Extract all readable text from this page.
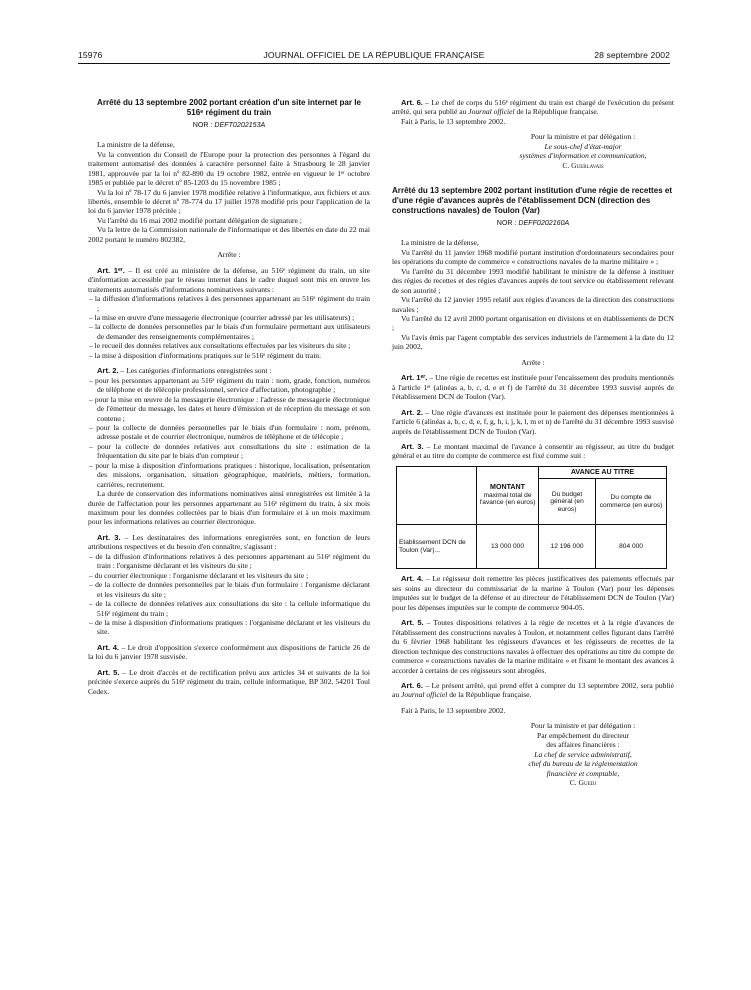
15976	JOURNAL OFFICIEL DE LA RÉPUBLIQUE FRANÇAISE	28 septembre 2002
Arrêté du 13 septembre 2002 portant création d'un site internet par le 516ᵉ régiment du train
NOR : DEFT0202153A
La ministre de la défense,
Vu la convention du Conseil de l'Europe pour la protection des personnes à l'égard du traitement automatisé des données à caractère personnel faite à Strasbourg le 28 janvier 1981, approuvée par la loi nº 82-890 du 19 octobre 1982, entrée en vigueur le 1ᵉʳ octobre 1985 et publiée par le décret nº 85-1203 du 15 novembre 1985 ;
Vu la loi nº 78-17 du 6 janvier 1978 modifiée relative à l'informatique, aux fichiers et aux libertés, ensemble le décret nº 78-774 du 17 juillet 1978 modifié pris pour l'application de la loi du 6 janvier 1978 précitée ;
Vu l'arrêté du 16 mai 2002 modifié portant délégation de signature ;
Vu la lettre de la Commission nationale de l'informatique et des libertés en date du 22 mai 2002 portant le numéro 802382,
Arrête :
Art. 1ᵉʳ. – Il est créé au ministère de la défense, au 516ᵉ régiment du train, un site d'information accessible par le réseau internet dans le cadre duquel sont mis en œuvre les traitements automatisés d'informations nominatives suivants :
– la diffusion d'informations relatives à des personnes appartenant au 516ᵉ régiment du train ;
– la mise en œuvre d'une messagerie électronique (courrier adressé par les utilisateurs) ;
– la collecte de données personnelles par le biais d'un formulaire permettant aux utilisateurs de demander des renseignements complémentaires ;
– le recueil des données relatives aux consultations effectuées par les visiteurs du site ;
– la mise à disposition d'informations pratiques sur le 516ᵉ régiment du train.
Art. 2. – Les catégories d'informations enregistrées sont :
– pour les personnes appartenant au 516ᵉ régiment du train : nom, grade, fonction, numéros de téléphone et de télécopie professionnel, service d'affectation, photographie ;
– pour la mise en œuvre de la messagerie électronique : l'adresse de messagerie électronique de l'émetteur du message, les dates et heure d'émission et de réception du message et son contenu ;
– pour la collecte de données personnelles par le biais d'un formulaire : nom, prénom, adresse postale et de courrier électronique, numéros de téléphone et de télécopie ;
– pour la collecte de données relatives aux consultations du site : estimation de la fréquentation du site par le biais d'un compteur ;
– pour la mise à disposition d'informations pratiques : historique, localisation, présentation des missions, organisation, situation géographique, matériels, métiers, formation, carrières, recrutement.
La durée de conservation des informations nominatives ainsi enregistrées est limitée à la durée de l'affectation pour les personnes appartenant au 516ᵉ régiment du train, à six mois maximum pour les données collectées par le biais d'un formulaire et à un mois maximum pour les informations relatives au courrier électronique.
Art. 3. – Les destinataires des informations enregistrées sont, en fonction de leurs attributions respectives et du besoin d'en connaître, s'agissant :
– de la diffusion d'informations relatives à des personnes appartenant au 516ᵉ régiment du train : l'organisme déclarant et les visiteurs du site ;
– du courrier électronique : l'organisme déclarant et les visiteurs du site ;
– de la collecte de données personnelles par le biais d'un formulaire : l'organisme déclarant et les visiteurs du site ;
– de la collecte de données relatives aux consultations du site : la cellule informatique du 516ᵉ régiment du train ;
– de la mise à disposition d'informations pratiques : l'organisme déclarant et les visiteurs du site.
Art. 4. – Le droit d'opposition s'exerce conformément aux dispositions de l'article 26 de la loi du 6 janvier 1978 susvisée.
Art. 5. – Le droit d'accès et de rectification prévu aux articles 34 et suivants de la loi précitée s'exerce auprès du 516ᵉ régiment du train, cellule informatique, BP 302, 54201 Toul Cedex.
Art. 6. – Le chef de corps du 516ᵉ régiment du train est chargé de l'exécution du présent arrêté, qui sera publié au Journal officiel de la République française.
Fait à Paris, le 13 septembre 2002.
Pour la ministre et par délégation :
Le sous-chef d'état-major
systèmes d'information et communication,
C. Guerlavais
Arrêté du 13 septembre 2002 portant institution d'une régie de recettes et d'une régie d'avances auprès de l'établissement DCN (direction des constructions navales) de Toulon (Var)
NOR : DEFF0202160A
La ministre de la défense,
Vu l'arrêté du 11 janvier 1968 modifié portant institution d'ordonnateurs secondaires pour les opérations du compte de commerce « constructions navales de la marine militaire » ;
Vu l'arrêté du 31 décembre 1993 modifié habilitant le ministre de la défense à instituer des régies de recettes et des régies d'avances auprès de tout service ou établissement relevant de son autorité ;
Vu l'arrêté du 12 janvier 1995 relatif aux régies d'avances de la direction des constructions navales ;
Vu l'arrêté du 12 avril 2000 portant organisation en divisions et en établissements de DCN ;
Vu l'avis émis par l'agent comptable des services industriels de l'armement à la date du 12 juin 2002,
Arrête :
Art. 1ᵉʳ. – Une régie de recettes est instituée pour l'encaissement des produits mentionnés à l'article 1ᵉʳ (alinéas a, b, c, d, e et f) de l'arrêté du 31 décembre 1993 susvisé auprès de l'établissement DCN de Toulon (Var).
Art. 2. – Une régie d'avances est instituée pour le paiement des dépenses mentionnées à l'article 6 (alinéas a, b, c, d, e, f, g, h, i, j, k, l, m et n) de l'arrêté du 31 décembre 1993 susvisé auprès de l'établissement DCN de Toulon (Var).
Art. 3. – Le montant maximal de l'avance à consentir au régisseur, au titre du budget général et au titre du compte de commerce est fixé comme suit :

	MONTANT
maximal total de l'avance (en euros)	AVANCE AU TITRE	
		Du budget général (en euros)	Du compte de commerce (en euros)
Etablissement DCN de Toulon (Var)...	13 000 000	12 196 000	804 000
Art. 4. – Le régisseur doit remettre les pièces justificatives des paiements effectués par ses soins au directeur du commissariat de la marine à Toulon (Var) pour les dépenses imputées sur le budget de la défense et au directeur de l'établissement DCN de Toulon (Var) pour les dépenses imputées sur le compte de commerce 904-05.
Art. 5. – Toutes dispositions relatives à la régie de recettes et à la régie d'avances de l'établissement des constructions navales à Toulon, et notamment celles figurant dans l'arrêté du 6 février 1968 habilitant les régisseurs d'avances et les régisseurs de recettes de la direction technique des constructions navales à effectuer des opérations au titre du compte de commerce « constructions navales de la marine militaire » et fixant le montant des avances à accorder à certains de ces régisseurs sont abrogées.
Art. 6. – Le présent arrêté, qui prend effet à compter du 13 septembre 2002, sera publié au Journal officiel de la République française.
Fait à Paris, le 13 septembre 2002.
Pour la ministre et par délégation :
Par empêchement du directeur
des affaires financières :
La chef de service administratif,
chef du bureau de la réglementation
financière et comptable,
C. Guedj
